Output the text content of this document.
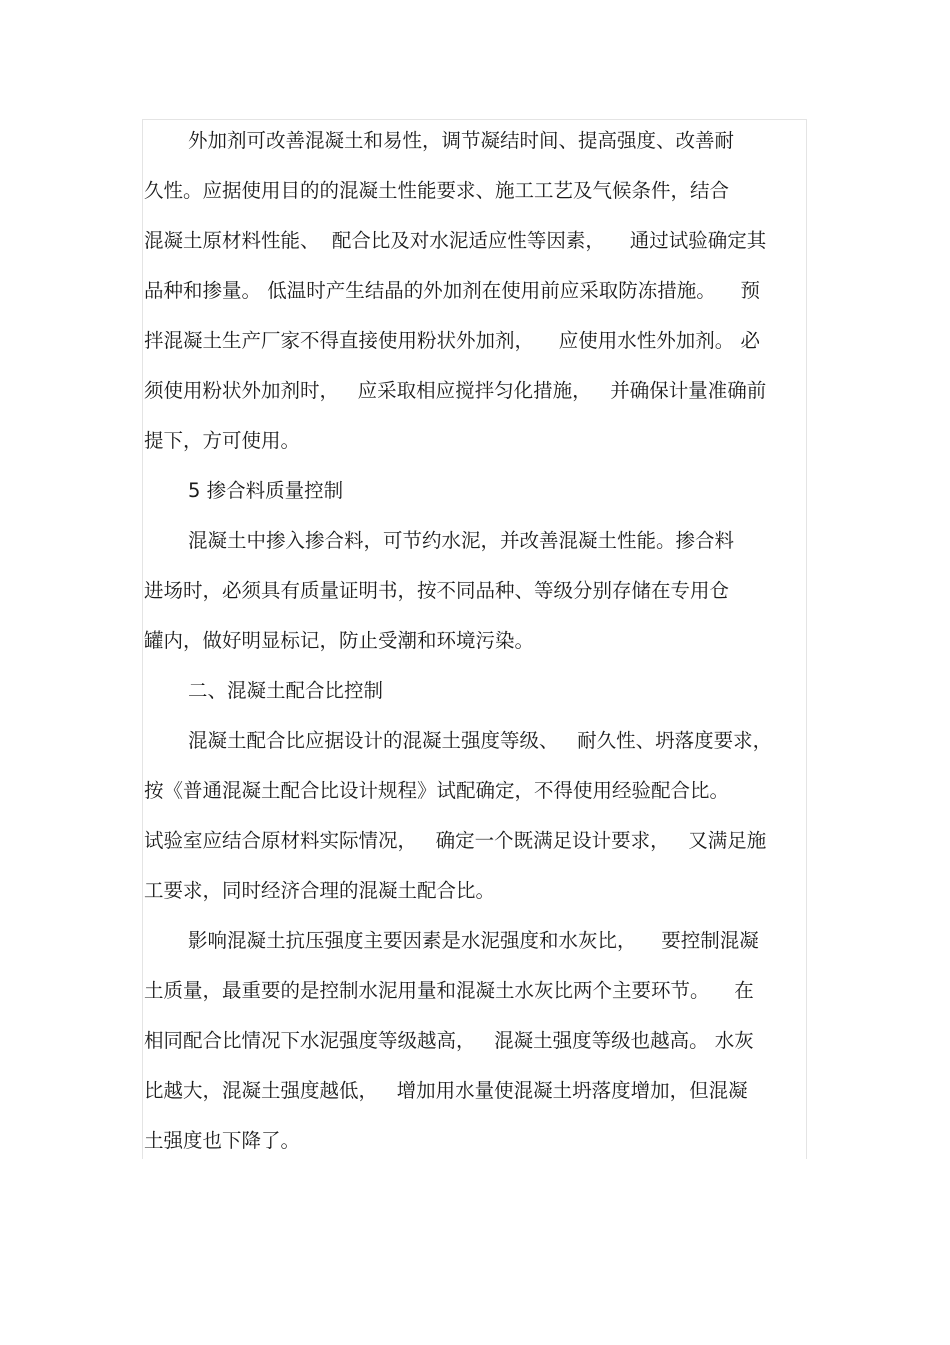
外加剂可改善混凝土和易性，调节凝结时间、提高强度、改善耐
久性。应据使用目的的混凝土性能要求、施工工艺及气候条件，结合
混凝土原材料性能、  配合比及对水泥适应性等因素，    通过试验确定其
品种和掺量。 低温时产生结晶的外加剂在使用前应采取防冻措施。    预
拌混凝土生产厂家不得直接使用粉状外加剂，    应使用水性外加剂。 必
须使用粉状外加剂时，   应采取相应搅拌匀化措施，   并确保计量准确前
提下，方可使用。
5 掺合料质量控制
混凝土中掺入掺合料，可节约水泥，并改善混凝土性能。掺合料
进场时，必须具有质量证明书，按不同品种、等级分别存储在专用仓
罐内，做好明显标记，防止受潮和环境污染。
二、混凝土配合比控制
混凝土配合比应据设计的混凝土强度等级、   耐久性、坍落度要求，
按《普通混凝土配合比设计规程》试配确定，不得使用经验配合比。
试验室应结合原材料实际情况，   确定一个既满足设计要求，   又满足施
工要求，同时经济合理的混凝土配合比。
影响混凝土抗压强度主要因素是水泥强度和水灰比，    要控制混凝
土质量，最重要的是控制水泥用量和混凝土水灰比两个主要环节。    在
相同配合比情况下水泥强度等级越高，   混凝土强度等级也越高。 水灰
比越大，混凝土强度越低，   增加用水量使混凝土坍落度增加，但混凝
土强度也下降了。
